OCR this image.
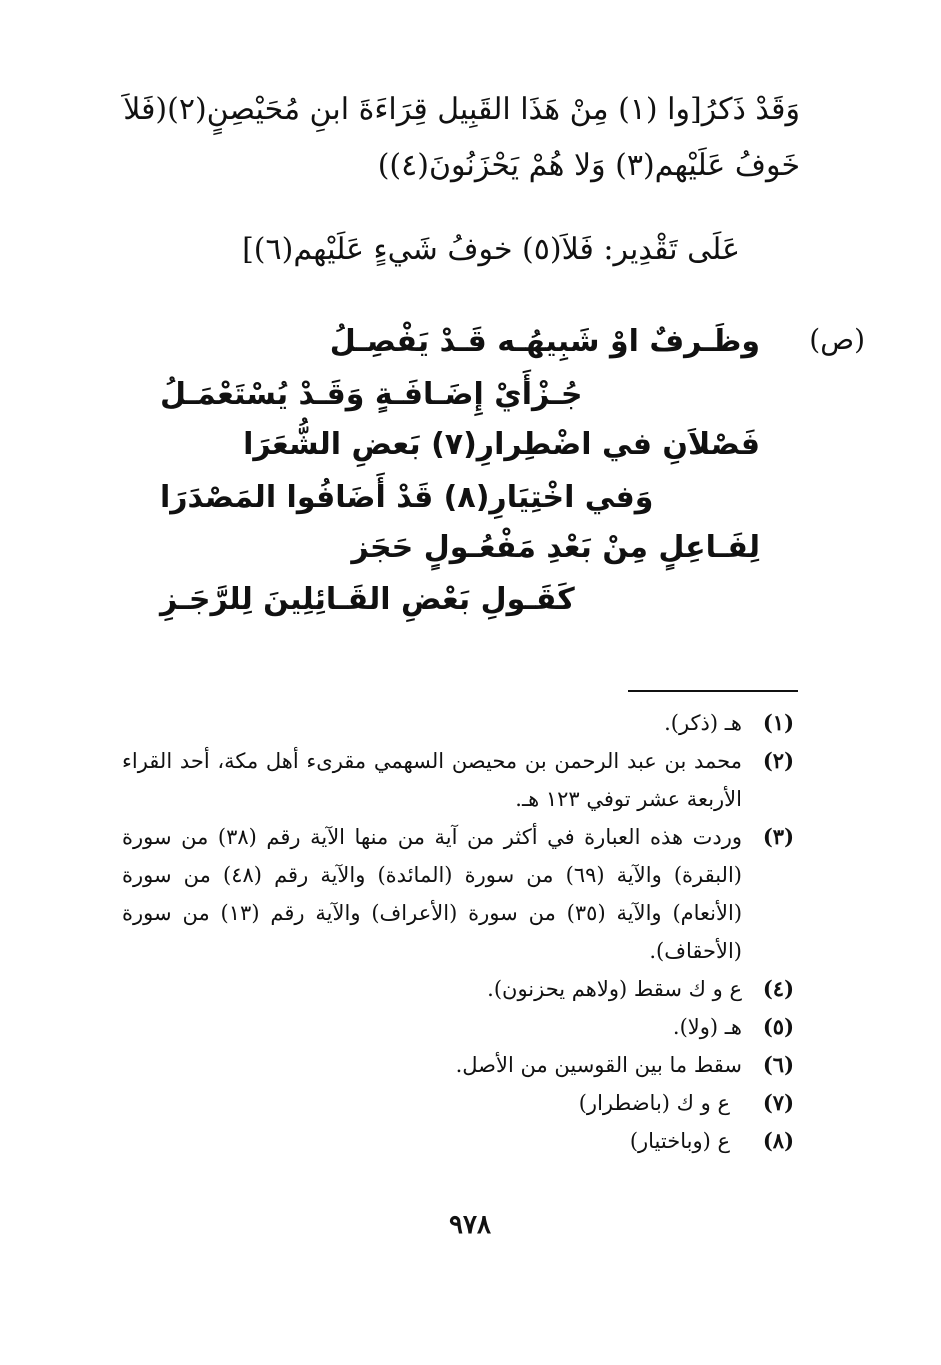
وَقَدْ ذَكرُ[وا (١) مِنْ هَذَا القَبِيل قِرَاءَةَ ابنِ مُحَيْصِنٍ(٢)(فَلاَ
خَوفُ عَلَيْهم(٣) وَلا هُمْ يَحْزَنُونَ(٤))
عَلَى تَقْدِير: فَلاَ(٥) خوفُ شَيءٍ عَلَيْهم(٦)]
(ص)
وظَـرفٌ اوْ شَبِيهُـه قَـدْ يَفْصِـلُ
جُـزْأَيْ إِضَـافَـةٍ وَقَـدْ يُسْتَعْمَـلُ
فَصْلاَنِ في اضْطِرارِ(٧) بَعضِ الشُّعَرَا
وَفي اخْتِيَارِ(٨) قَدْ أَضَافُوا المَصْدَرَا
لِفَـاعِلٍ مِنْ بَعْدِ مَفْعُـولٍ حَجَز
كَقَـولِ بَعْضِ القَـائِلِينَ لِلرَّجَـزِ
(١)
هـ (ذكر).
(٢)
محمد بن عبد الرحمن بن محيصن السهمي مقرىء أهل مكة، أحد القراء الأربعة عشر توفي ١٢٣ هـ.
(٣)
وردت هذه العبارة في أكثر من آية من منها الآية رقم (٣٨) من سورة (البقرة) والآية (٦٩) من سورة (المائدة) والآية رقم (٤٨) من سورة (الأنعام) والآية (٣٥) من سورة (الأعراف) والآية رقم (١٣) من سورة (الأحقاف).
(٤)
ع و ك سقط (ولاهم يحزنون).
(٥)
هـ (ولا).
(٦)
سقط ما بين القوسين من الأصل.
(٧)
ع و ك (باضطرار)
(٨)
ع (وباختيار)
٩٧٨
